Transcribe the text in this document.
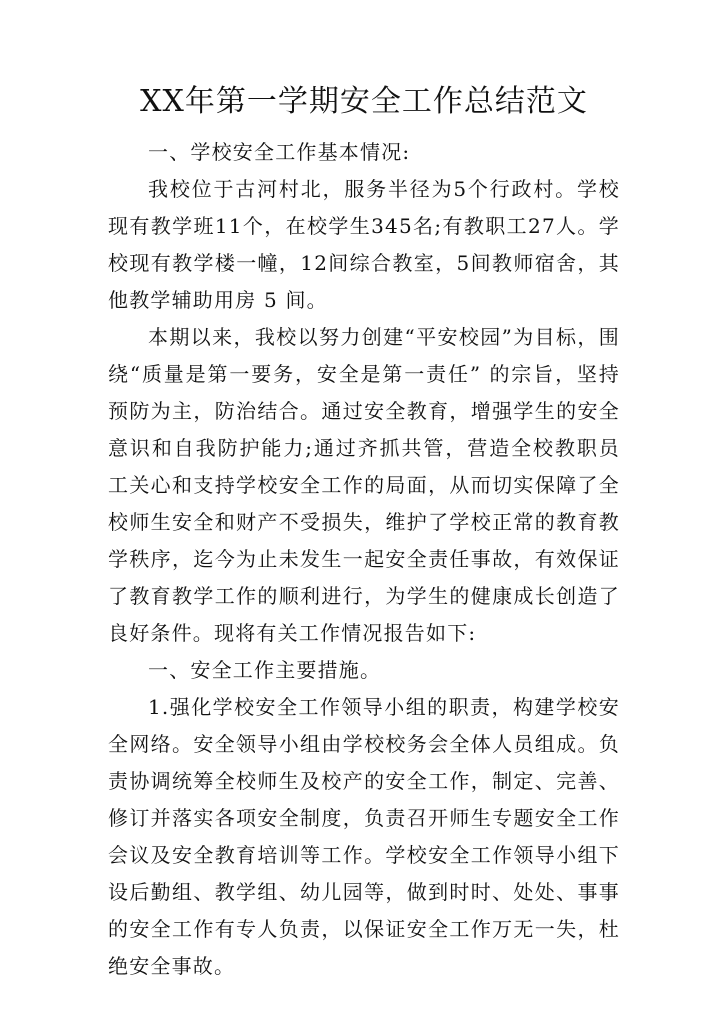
XX年第一学期安全工作总结范文

一、学校安全工作基本情况:

我校位于古河村北，服务半径为5个行政村。学校现有教学班11个，在校学生345名;有教职工27人。学校现有教学楼一幢，12间综合教室，5间教师宿舍，其他教学辅助用房 5 间。

本期以来，我校以努力创建“平安校园”为目标，围绕“质量是第一要务，安全是第一责任” 的宗旨，坚持预防为主，防治结合。通过安全教育，增强学生的安全意识和自我防护能力;通过齐抓共管，营造全校教职员工关心和支持学校安全工作的局面，从而切实保障了全校师生安全和财产不受损失，维护了学校正常的教育教学秩序，迄今为止未发生一起安全责任事故，有效保证了教育教学工作的顺利进行，为学生的健康成长创造了良好条件。现将有关工作情况报告如下:

一、安全工作主要措施。

1.强化学校安全工作领导小组的职责，构建学校安全网络。安全领导小组由学校校务会全体人员组成。负责协调统筹全校师生及校产的安全工作，制定、完善、修订并落实各项安全制度，负责召开师生专题安全工作会议及安全教育培训等工作。学校安全工作领导小组下设后勤组、教学组、幼儿园等，做到时时、处处、事事的安全工作有专人负责，以保证安全工作万无一失，杜绝安全事故。
